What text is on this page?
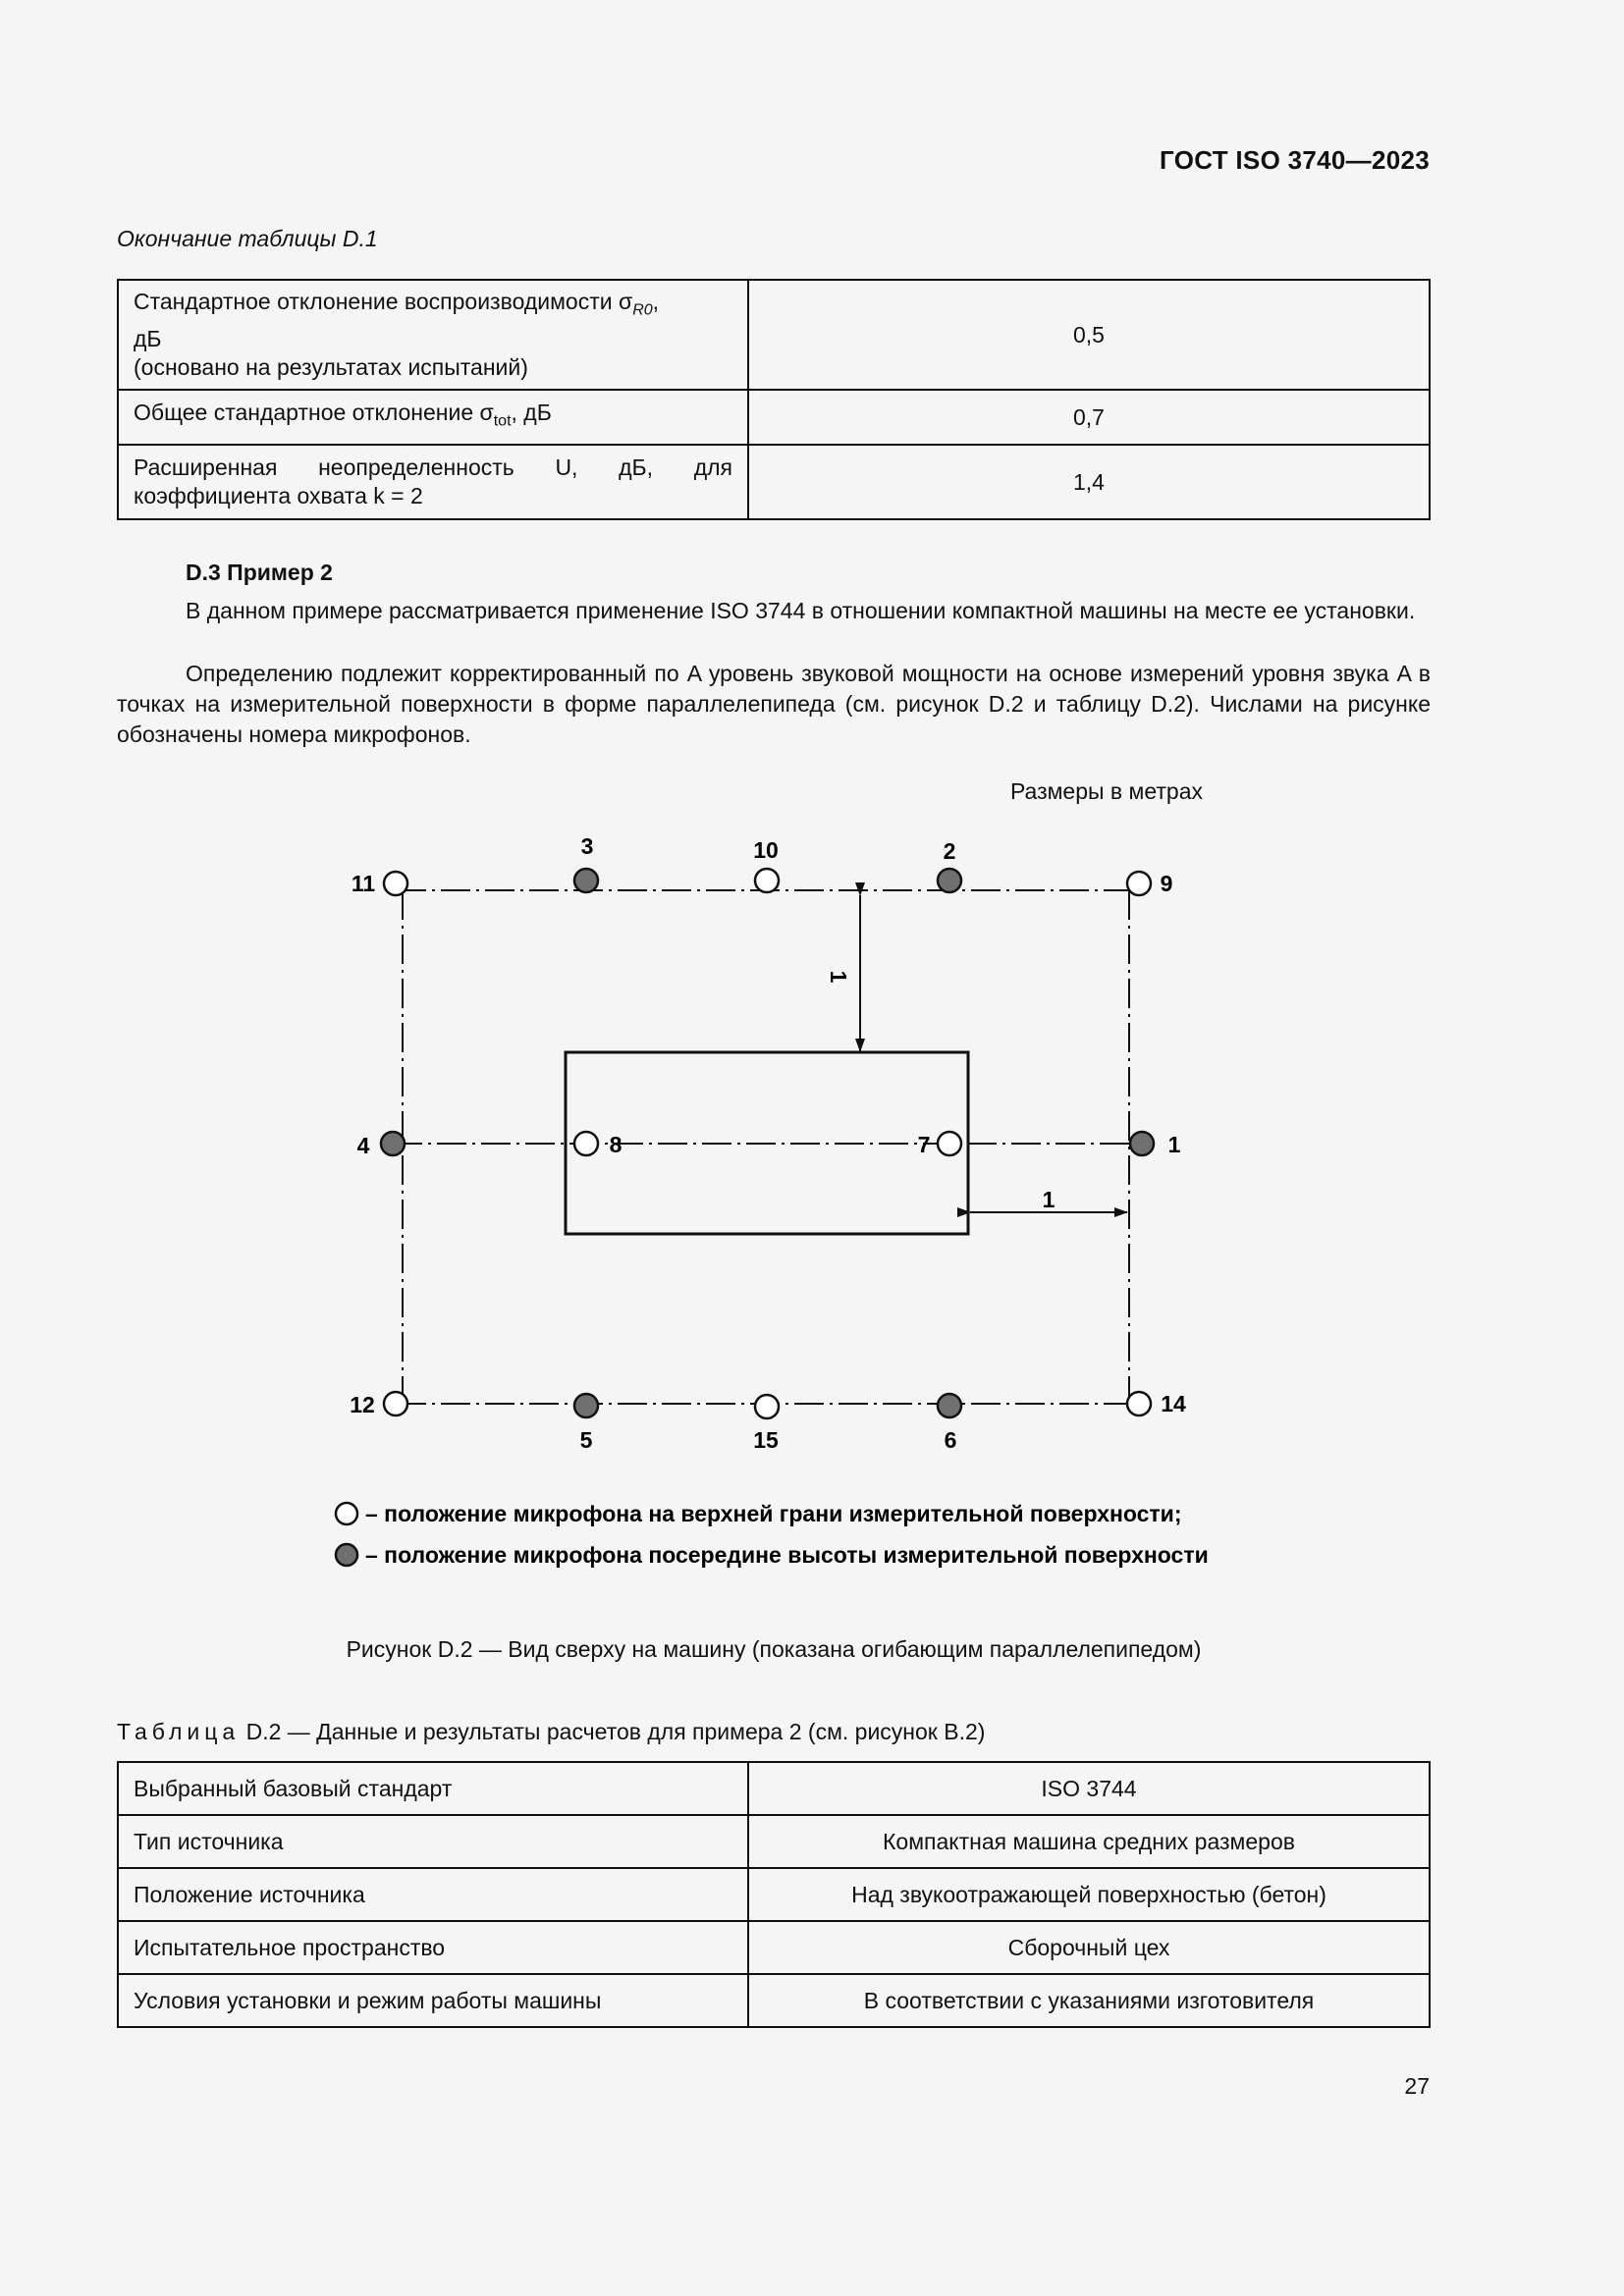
ГОСТ ISO 3740—2023
Окончание таблицы D.1
Стандартное отклонение воспроизводимости $\sigma_{R0}$,
дБ
(основано на результатах испытаний)	0,5
Общее стандартное отклонение $\sigma_{tot}$, дБ	0,7

Расширенная неопределенность U, дБ, для
коэффициента охвата k = 2	1,4
D.3 Пример 2
В данном примере рассматривается применение ISO 3744 в отношении компактной машины на месте ее установки.
Определению подлежит корректированный по A уровень звуковой мощности на основе измерений уровня звука A в точках на измерительной поверхности в форме параллелепипеда (см. рисунок D.2 и таблицу D.2). Числами на рисунке обозначены номера микрофонов.
Размеры в метрах
1
1
1
2
3
4
5	6
7
8
9
10
11
12	14
15
– положение микрофона на верхней грани измерительной поверхности;
– положение микрофона посередине высоты измерительной поверхности
Рисунок D.2 — Вид сверху на машину (показана огибающим параллелепипедом)
Таблица D.2 — Данные и результаты расчетов для примера 2 (см. рисунок B.2)
Выбранный базовый стандарт	ISO 3744
Тип источника	Компактная машина средних размеров
Положение источника	Над звукоотражающей поверхностью (бетон)
Испытательное пространство	Сборочный цех
Условия установки и режим работы машины	В соответствии с указаниями изготовителя
27
